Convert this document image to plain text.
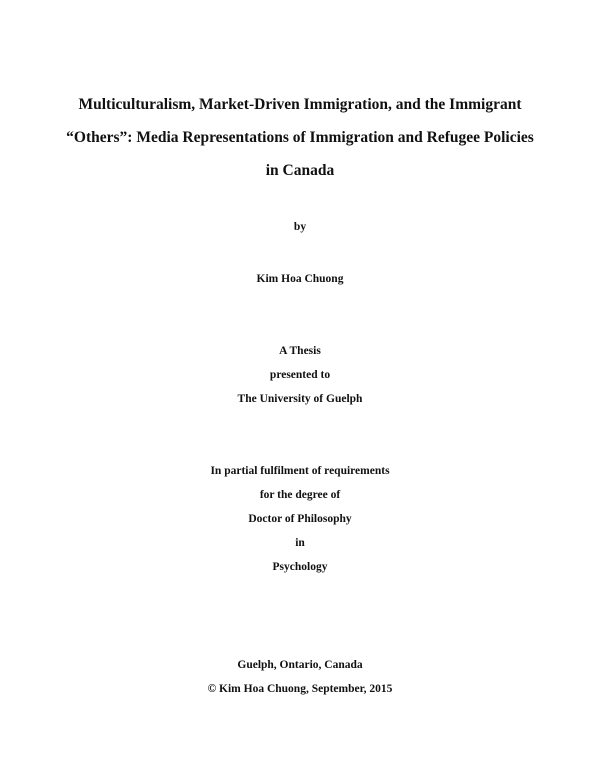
Multiculturalism, Market-Driven Immigration, and the Immigrant
“Others”: Media Representations of Immigration and Refugee Policies
in Canada
by
Kim Hoa Chuong
A Thesis
presented to
The University of Guelph
In partial fulfilment of requirements
for the degree of
Doctor of Philosophy
in
Psychology
Guelph, Ontario, Canada
© Kim Hoa Chuong, September, 2015
